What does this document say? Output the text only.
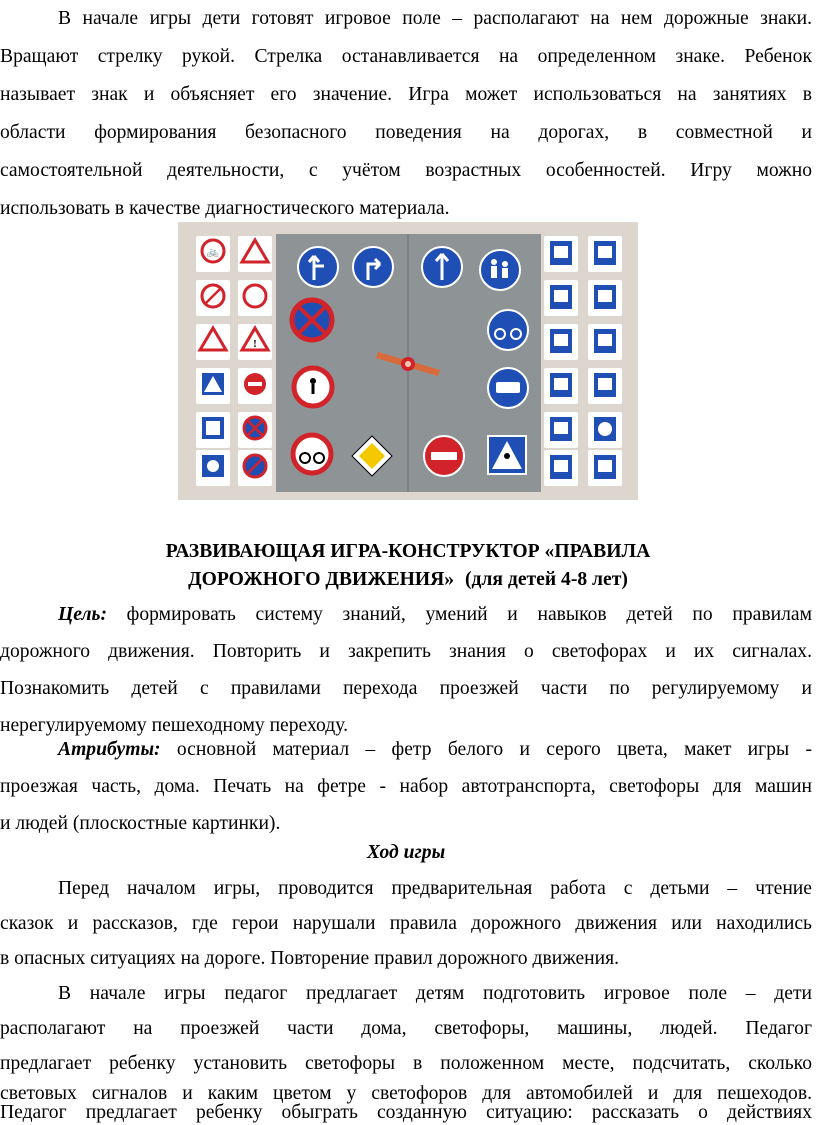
В начале игры дети готовят игровое поле – располагают на нем дорожные знаки.

Вращают стрелку рукой. Стрелка останавливается на определенном знаке. Ребенок

называет знак и объясняет его значение. Игра может использоваться на занятиях в

области формирования безопасного поведения на дорогах, в совместной и

самостоятельной деятельности, с учётом возрастных особенностей. Игру можно

использовать в качестве диагностического материала.

🚲
!

РАЗВИВАЮЩАЯ ИГРА-КОНСТРУКТОР «ПРАВИЛА

ДОРОЖНОГО ДВИЖЕНИЯ» (для детей 4-8 лет)

Цель: формировать систему знаний, умений и навыков детей по правилам

дорожного движения. Повторить и закрепить знания о светофорах и их сигналах.

Познакомить детей с правилами перехода проезжей части по регулируемому и

нерегулируемому пешеходному переходу.

Атрибуты: основной материал – фетр белого и серого цвета, макет игры -

проезжая часть, дома. Печать на фетре - набор автотранспорта, светофоры для машин

и людей (плоскостные картинки).

Ход игры

Перед началом игры, проводится предварительная работа с детьми – чтение

сказок и рассказов, где герои нарушали правила дорожного движения или находились

в опасных ситуациях на дороге. Повторение правил дорожного движения.

В начале игры педагог предлагает детям подготовить игровое поле – дети

располагают на проезжей части дома, светофоры, машины, людей. Педагог

предлагает ребенку установить светофоры в положенном месте, подсчитать, сколько

световых сигналов и каким цветом у светофоров для автомобилей и для пешеходов.

Педагог предлагает ребенку обыграть созданную ситуацию: рассказать о действиях
